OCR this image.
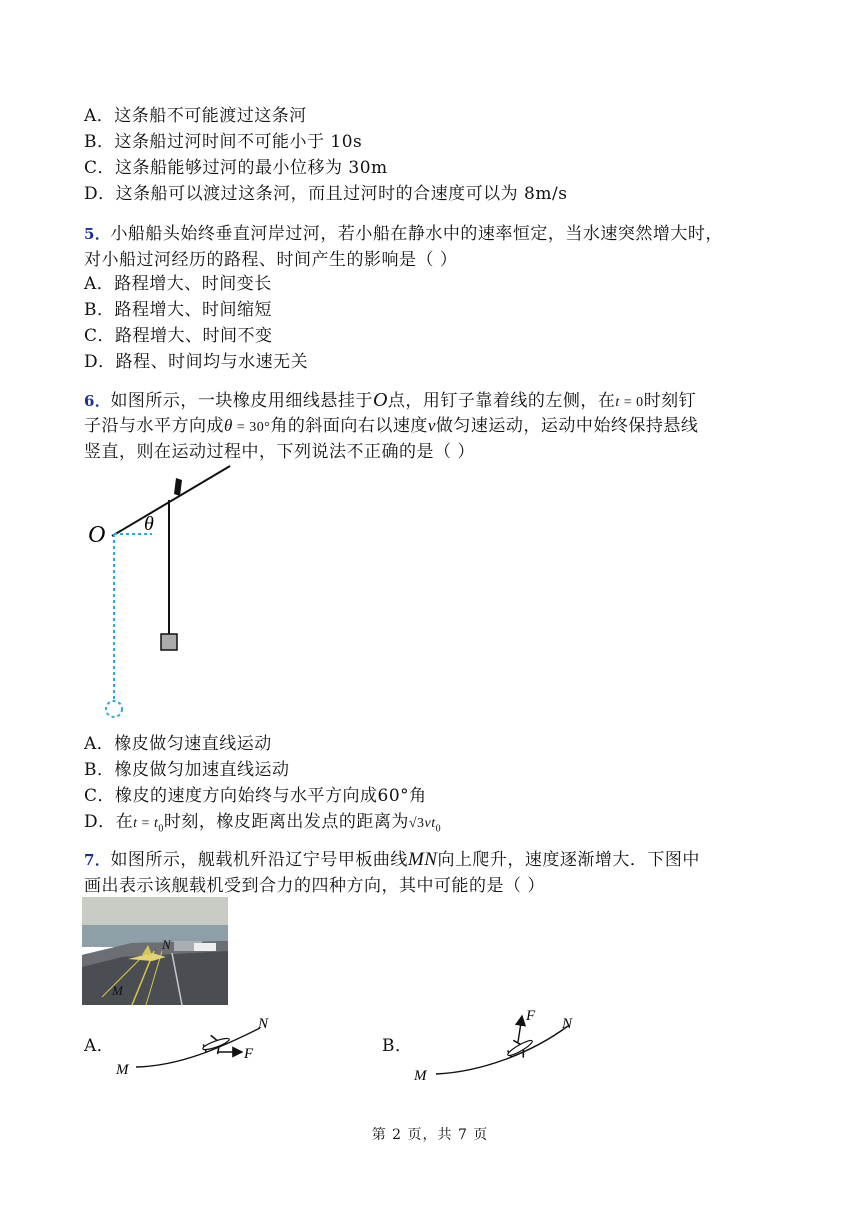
A．这条船不可能渡过这条河
B．这条船过河时间不可能小于 10s
C．这条船能够过河的最小位移为 30m
D．这条船可以渡过这条河，而且过河时的合速度可以为 8m/s
5．小船船头始终垂直河岸过河，若小船在静水中的速率恒定，当水速突然增大时，
对小船过河经历的路程、时间产生的影响是（ ）
A．路程增大、时间变长
B．路程增大、时间缩短
C．路程增大、时间不变
D．路程、时间均与水速无关
6．如图所示，一块橡皮用细线悬挂于O点，用钉子靠着线的左侧，在t = 0时刻钉
子沿与水平方向成θ = 30°角的斜面向右以速度v做匀速运动，运动中始终保持悬线
竖直，则在运动过程中，下列说法不正确的是（ ）
O θ
A．橡皮做匀速直线运动
B．橡皮做匀加速直线运动
C．橡皮的速度方向始终与水平方向成60°角
D．在$t = t_0$时刻，橡皮距离出发点的距离为$√3vt_0$
7．如图所示，舰载机歼沿辽宁号甲板曲线MN向上爬升，速度逐渐增大．下图中
画出表示该舰载机受到合力的四种方向，其中可能的是（ ）
N
M
A．
M
N
F	B．
M
N
F
第 2 页，共 7 页
